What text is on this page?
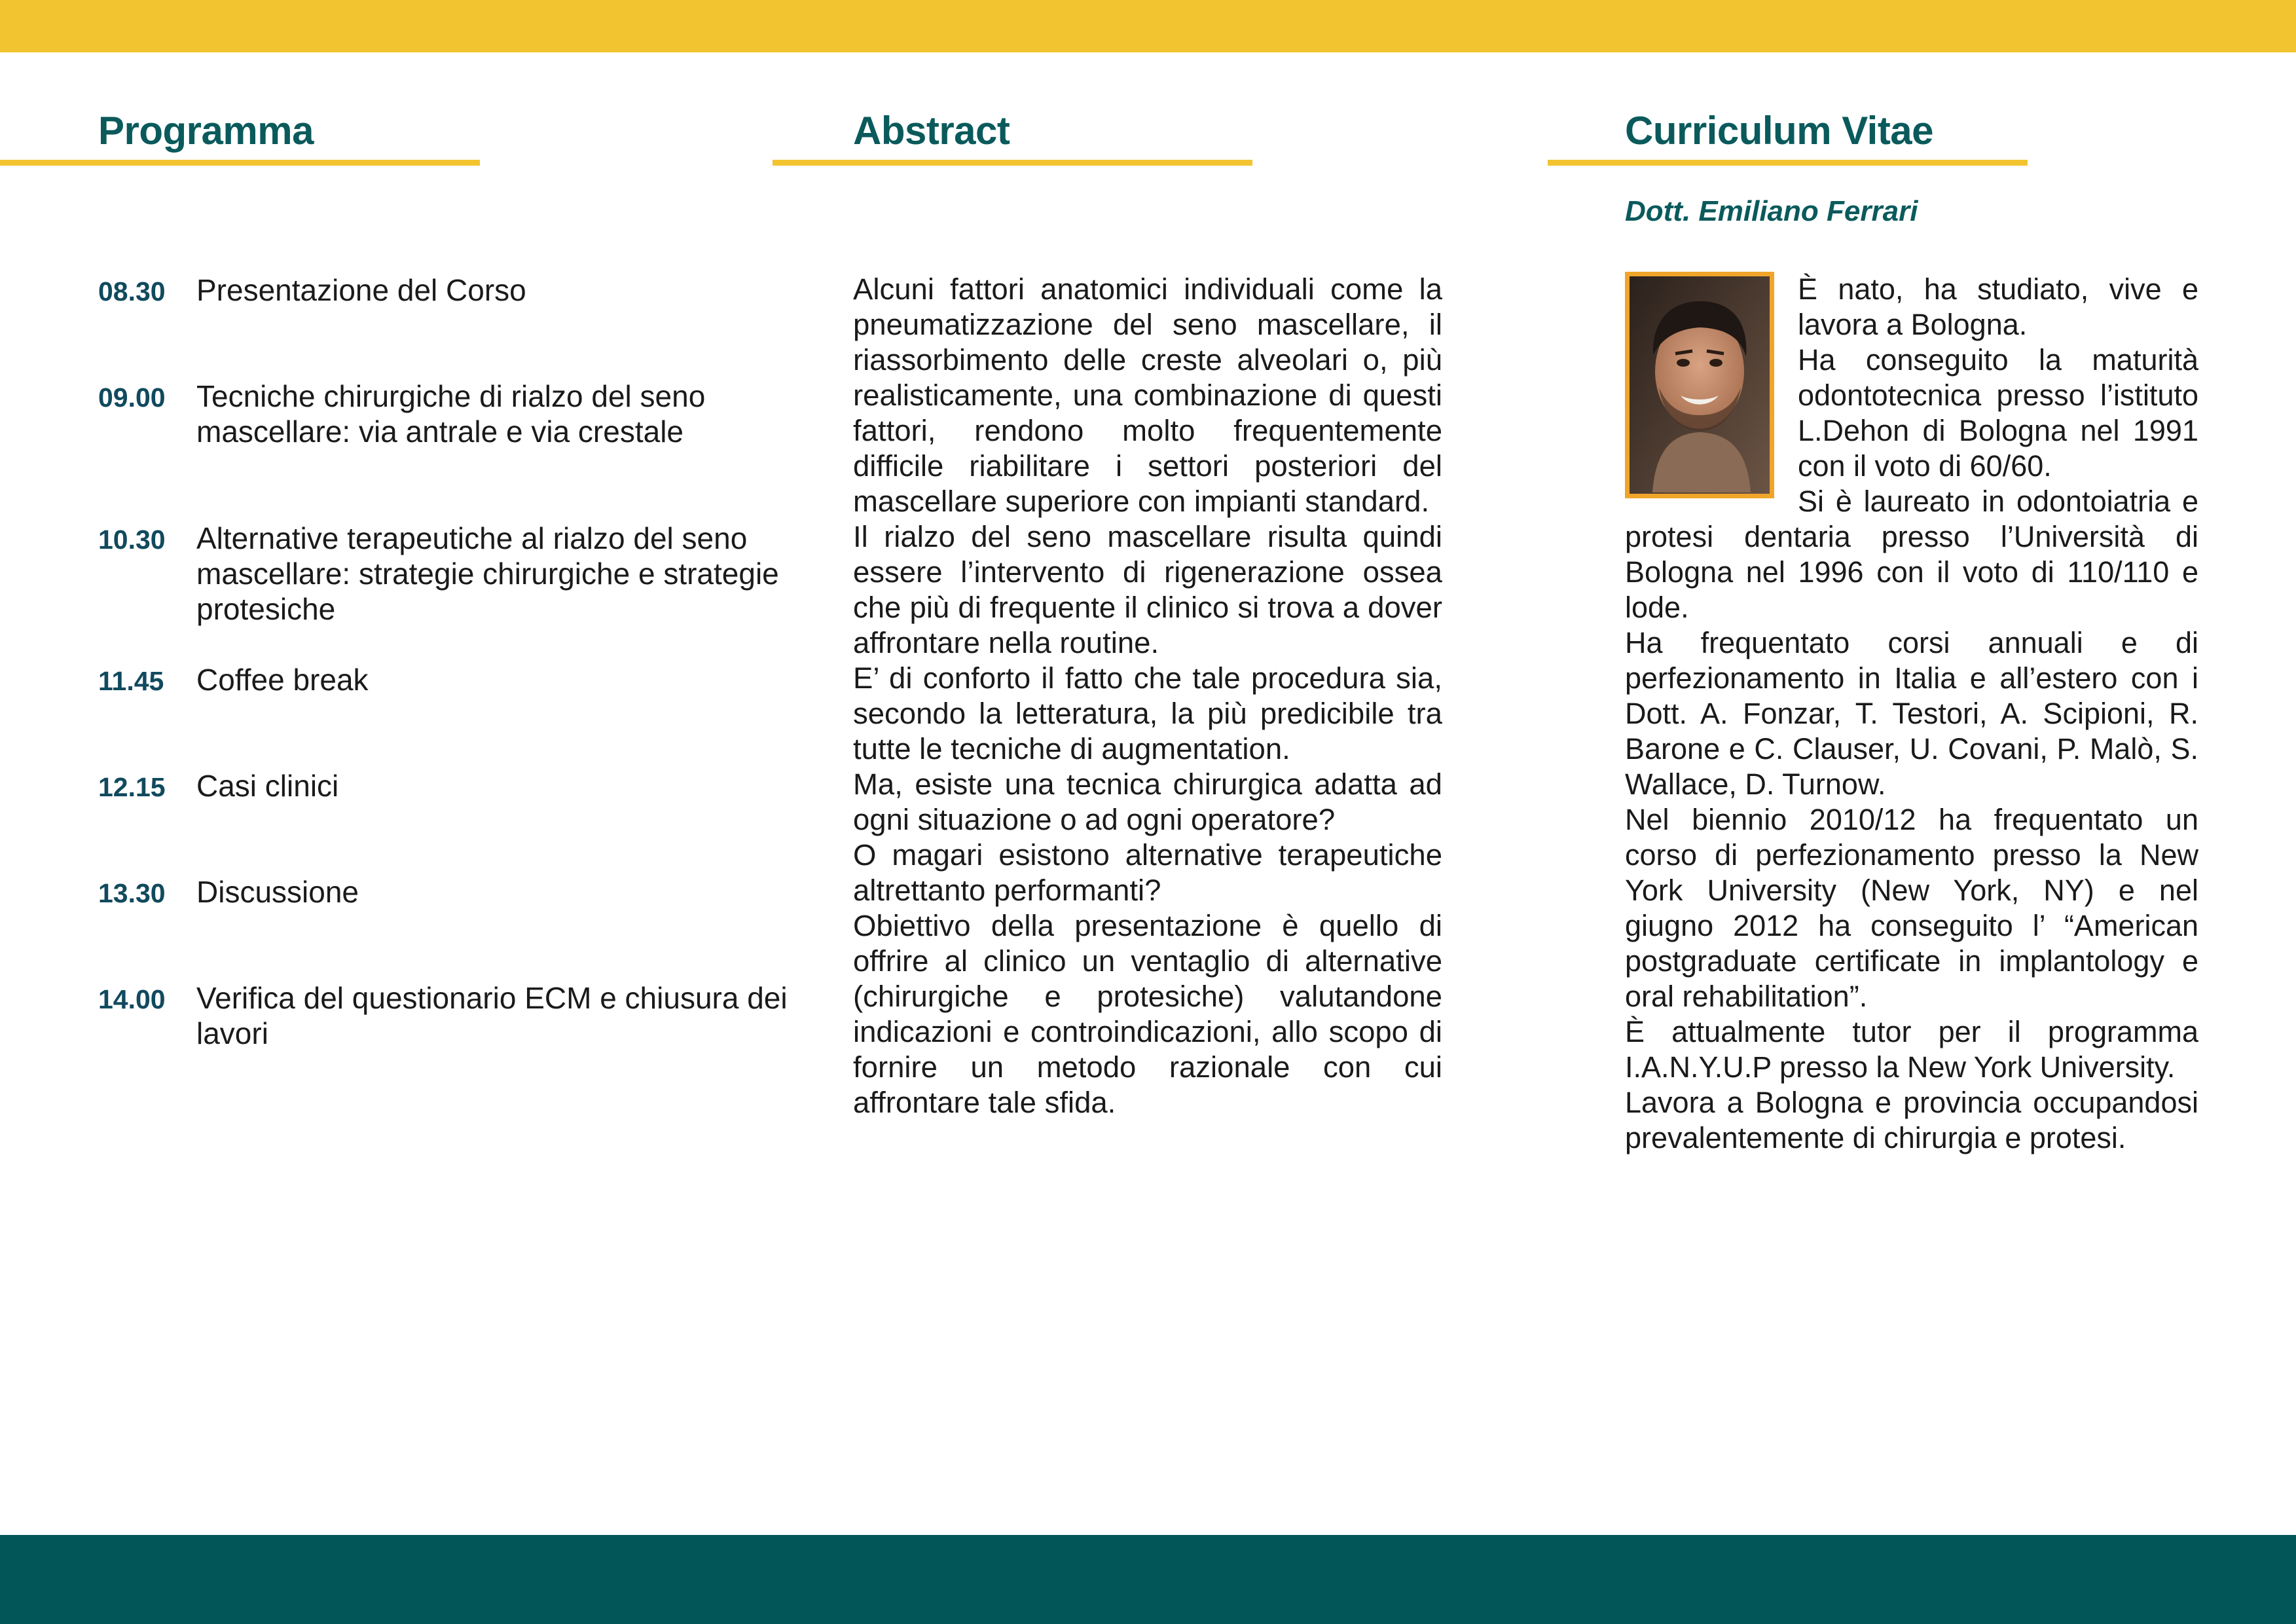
Programma
08.30 Presentazione del Corso
09.00 Tecniche chirurgiche di rialzo del seno mascellare: via antrale e via crestale
10.30 Alternative terapeutiche al rialzo del seno mascellare: strategie chirurgiche e strategie protesiche
11.45 Coffee break
12.15 Casi clinici
13.30 Discussione
14.00 Verifica del questionario ECM e chiusura dei lavori
Abstract

Alcuni fattori anatomici individuali come la pneumatizzazione del seno mascellare, il riassorbimento delle creste alveolari o, più realisticamente, una combinazione di questi fattori, rendono molto frequentemente difficile riabilitare i settori posteriori del mascellare superiore con impianti standard.

Il rialzo del seno mascellare risulta quindi essere l’intervento di rigenerazione ossea che più di frequente il clinico si trova a dover affrontare nella routine.

E’ di conforto il fatto che tale procedura sia, secondo la letteratura, la più predicibile tra tutte le tecniche di augmentation.

Ma, esiste una tecnica chirurgica adatta ad ogni situazione o ad ogni operatore?

O magari esistono alternative terapeutiche altrettanto performanti?

Obiettivo della presentazione è quello di offrire al clinico un ventaglio di alternative (chirurgiche e protesiche) valutandone indicazioni e controindicazioni, allo scopo di fornire un metodo razionale con cui affrontare tale sfida.

Curriculum Vitae

Dott. Emiliano Ferrari

È nato, ha studiato, vive e lavora a Bologna.

Ha conseguito la maturità odontotecnica presso l’istituto L.Dehon di Bologna nel 1991 con il voto di 60/60.

Si è laureato in odontoiatria e protesi dentaria presso l’Università di Bologna nel 1996 con il voto di 110/110 e lode.

Ha frequentato corsi annuali e di perfezionamento in Italia e all’estero con i Dott. A. Fonzar, T. Testori, A. Scipioni, R. Barone e C. Clauser, U. Covani, P. Malò, S. Wallace, D. Turnow.

Nel biennio 2010/12 ha frequentato un corso di perfezionamento presso la New York University (New York, NY) e nel giugno 2012 ha conseguito l’ “American postgraduate certificate in implantology e oral rehabilitation”.

È attualmente tutor per il programma I.A.N.Y.U.P presso la New York University.

Lavora a Bologna e provincia occupandosi prevalentemente di chirurgia e protesi.
